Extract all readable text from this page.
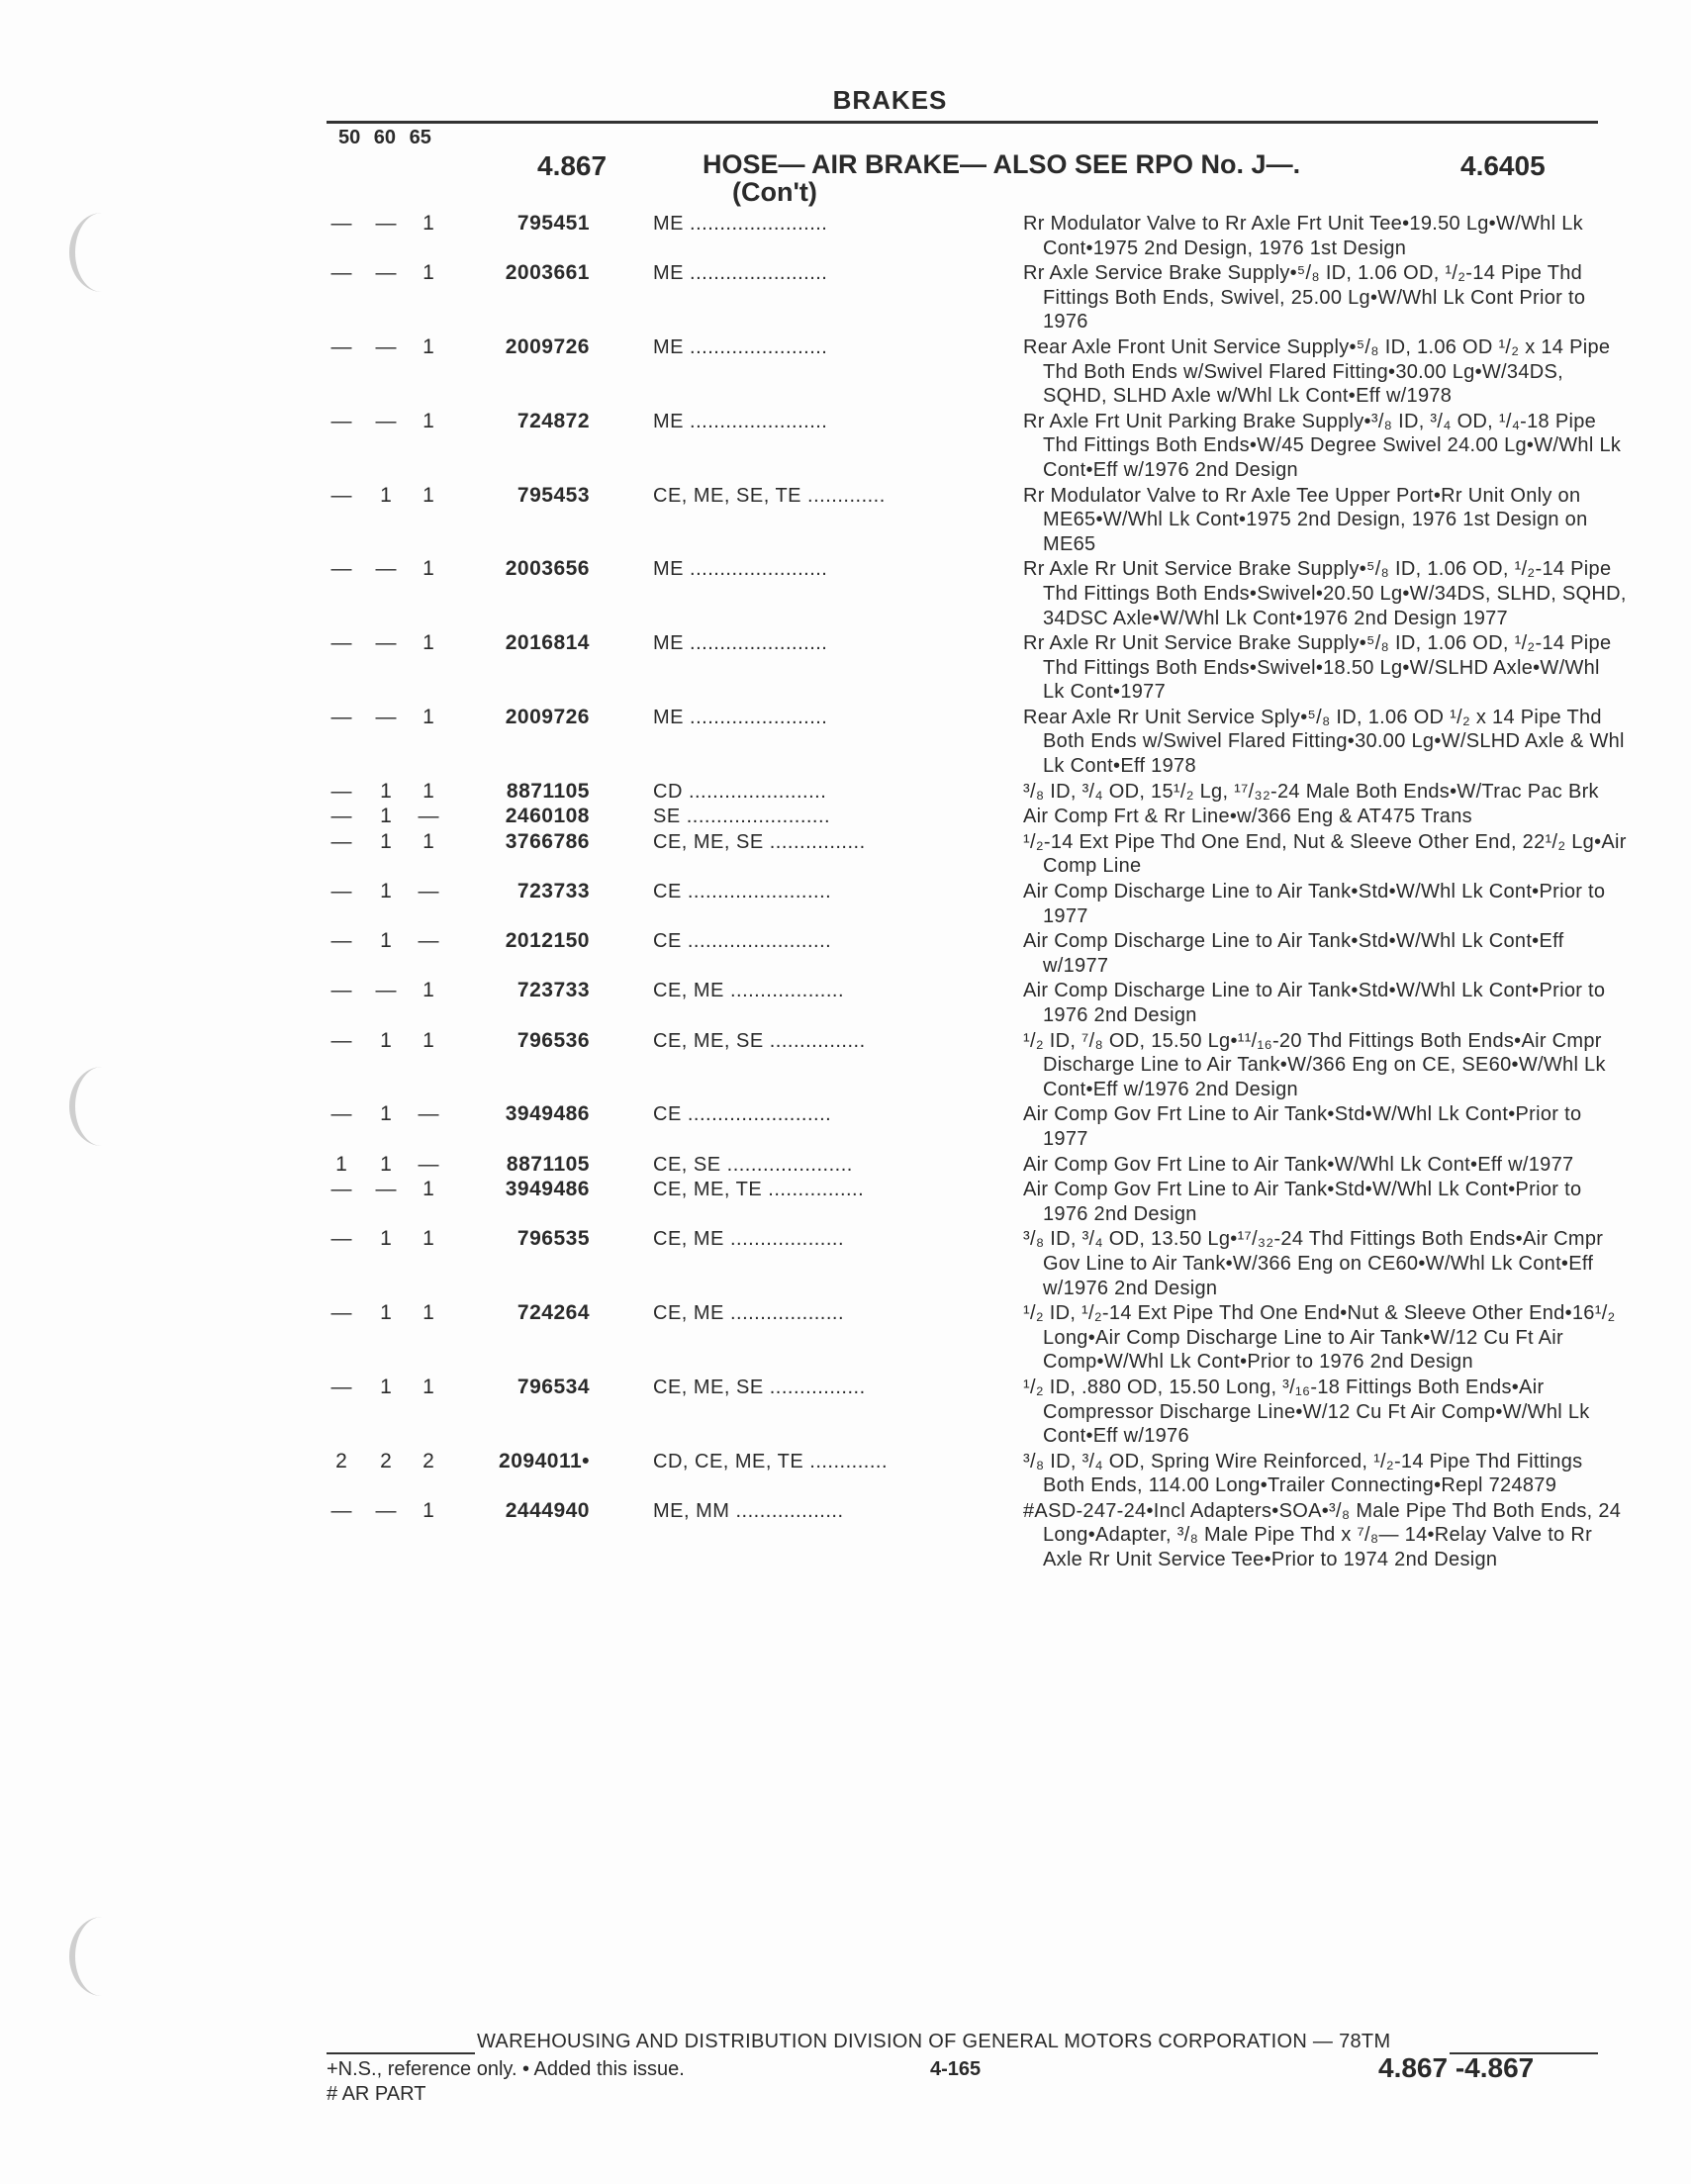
BRAKES
50 60 65
4.867	HOSE— AIR BRAKE— ALSO SEE RPO No. J—.
(Con't)
4.6405
— —	1	795451	ME .......................	Rr Modulator Valve to Rr Axle Frt Unit Tee•19.50 Lg•W/Whl Lk Cont•1975 2nd Design, 1976 1st Design
— —	1	2003661	ME .......................	Rr Axle Service Brake Supply•⁵/₈ ID, 1.06 OD, ¹/₂-14 Pipe Thd Fittings Both Ends, Swivel, 25.00 Lg•W/Whl Lk Cont Prior to 1976
— —	1	2009726	ME .......................	Rear Axle Front Unit Service Supply•⁵/₈ ID, 1.06 OD ¹/₂ x 14 Pipe Thd Both Ends w/Swivel Flared Fitting•30.00 Lg•W/34DS, SQHD, SLHD Axle w/Whl Lk Cont•Eff w/1978
— —	1	724872	ME .......................	Rr Axle Frt Unit Parking Brake Supply•³/₈ ID, ³/₄ OD, ¹/₄-18 Pipe Thd Fittings Both Ends•W/45 Degree Swivel 24.00 Lg•W/Whl Lk Cont•Eff w/1976 2nd Design
—	1	1	795453	CE, ME, SE, TE .............	Rr Modulator Valve to Rr Axle Tee Upper Port•Rr Unit Only on ME65•W/Whl Lk Cont•1975 2nd Design, 1976 1st Design on ME65
— —	1	2003656	ME .......................	Rr Axle Rr Unit Service Brake Supply•⁵/₈ ID, 1.06 OD, ¹/₂-14 Pipe Thd Fittings Both Ends•Swivel•20.50 Lg•W/34DS, SLHD, SQHD, 34DSC Axle•W/Whl Lk Cont•1976 2nd Design 1977
— —	1	2016814	ME .......................	Rr Axle Rr Unit Service Brake Supply•⁵/₈ ID, 1.06 OD, ¹/₂-14 Pipe Thd Fittings Both Ends•Swivel•18.50 Lg•W/SLHD Axle•W/Whl Lk Cont•1977
— —	1	2009726	ME .......................	Rear Axle Rr Unit Service Sply•⁵/₈ ID, 1.06 OD ¹/₂ x 14 Pipe Thd Both Ends w/Swivel Flared Fitting•30.00 Lg•W/SLHD Axle & Whl Lk Cont•Eff 1978
—	1	1	8871105	CD .......................	³/₈ ID, ³/₄ OD, 15¹/₂ Lg, ¹⁷/₃₂-24 Male Both Ends•W/Trac Pac Brk
—	1	—	2460108	SE ........................	Air Comp Frt & Rr Line•w/366 Eng & AT475 Trans
—	1	1	3766786	CE, ME, SE ................	¹/₂-14 Ext Pipe Thd One End, Nut & Sleeve Other End, 22¹/₂ Lg•Air Comp Line
—	1	—	723733	CE ........................	Air Comp Discharge Line to Air Tank•Std•W/Whl Lk Cont•Prior to 1977
—	1	—	2012150	CE ........................	Air Comp Discharge Line to Air Tank•Std•W/Whl Lk Cont•Eff w/1977
— —	1	723733	CE, ME ...................	Air Comp Discharge Line to Air Tank•Std•W/Whl Lk Cont•Prior to 1976 2nd Design
—	1	1	796536	CE, ME, SE ................	¹/₂ ID, ⁷/₈ OD, 15.50 Lg•¹¹/₁₆-20 Thd Fittings Both Ends•Air Cmpr Discharge Line to Air Tank•W/366 Eng on CE, SE60•W/Whl Lk Cont•Eff w/1976 2nd Design
—	1	—	3949486	CE ........................	Air Comp Gov Frt Line to Air Tank•Std•W/Whl Lk Cont•Prior to 1977
1	1	—	8871105	CE, SE .....................	Air Comp Gov Frt Line to Air Tank•W/Whl Lk Cont•Eff w/1977
— —	1	3949486	CE, ME, TE ................	Air Comp Gov Frt Line to Air Tank•Std•W/Whl Lk Cont•Prior to 1976 2nd Design
—	1	1	796535	CE, ME ...................	³/₈ ID, ³/₄ OD, 13.50 Lg•¹⁷/₃₂-24 Thd Fittings Both Ends•Air Cmpr Gov Line to Air Tank•W/366 Eng on CE60•W/Whl Lk Cont•Eff w/1976 2nd Design
—	1	1	724264	CE, ME ...................	¹/₂ ID, ¹/₂-14 Ext Pipe Thd One End•Nut & Sleeve Other End•16¹/₂ Long•Air Comp Discharge Line to Air Tank•W/12 Cu Ft Air Comp•W/Whl Lk Cont•Prior to 1976 2nd Design
—	1	1	796534	CE, ME, SE ................	¹/₂ ID, .880 OD, 15.50 Long, ³/₁₆-18 Fittings Both Ends•Air Compressor Discharge Line•W/12 Cu Ft Air Comp•W/Whl Lk Cont•Eff w/1976
2	2	2	2094011•	CD, CE, ME, TE .............	³/₈ ID, ³/₄ OD, Spring Wire Reinforced, ¹/₂-14 Pipe Thd Fittings Both Ends, 114.00 Long•Trailer Connecting•Repl 724879
— —	1	2444940	ME, MM ..................	#ASD-247-24•Incl Adapters•SOA•³/₈ Male Pipe Thd Both Ends, 24 Long•Adapter, ³/₈ Male Pipe Thd x ⁷/₈— 14•Relay Valve to Rr Axle Rr Unit Service Tee•Prior to 1974 2nd Design
WAREHOUSING AND DISTRIBUTION DIVISION OF GENERAL MOTORS CORPORATION — 78TM
+N.S., reference only. • Added this issue.	4-165	4.867 -4.867
# AR PART
